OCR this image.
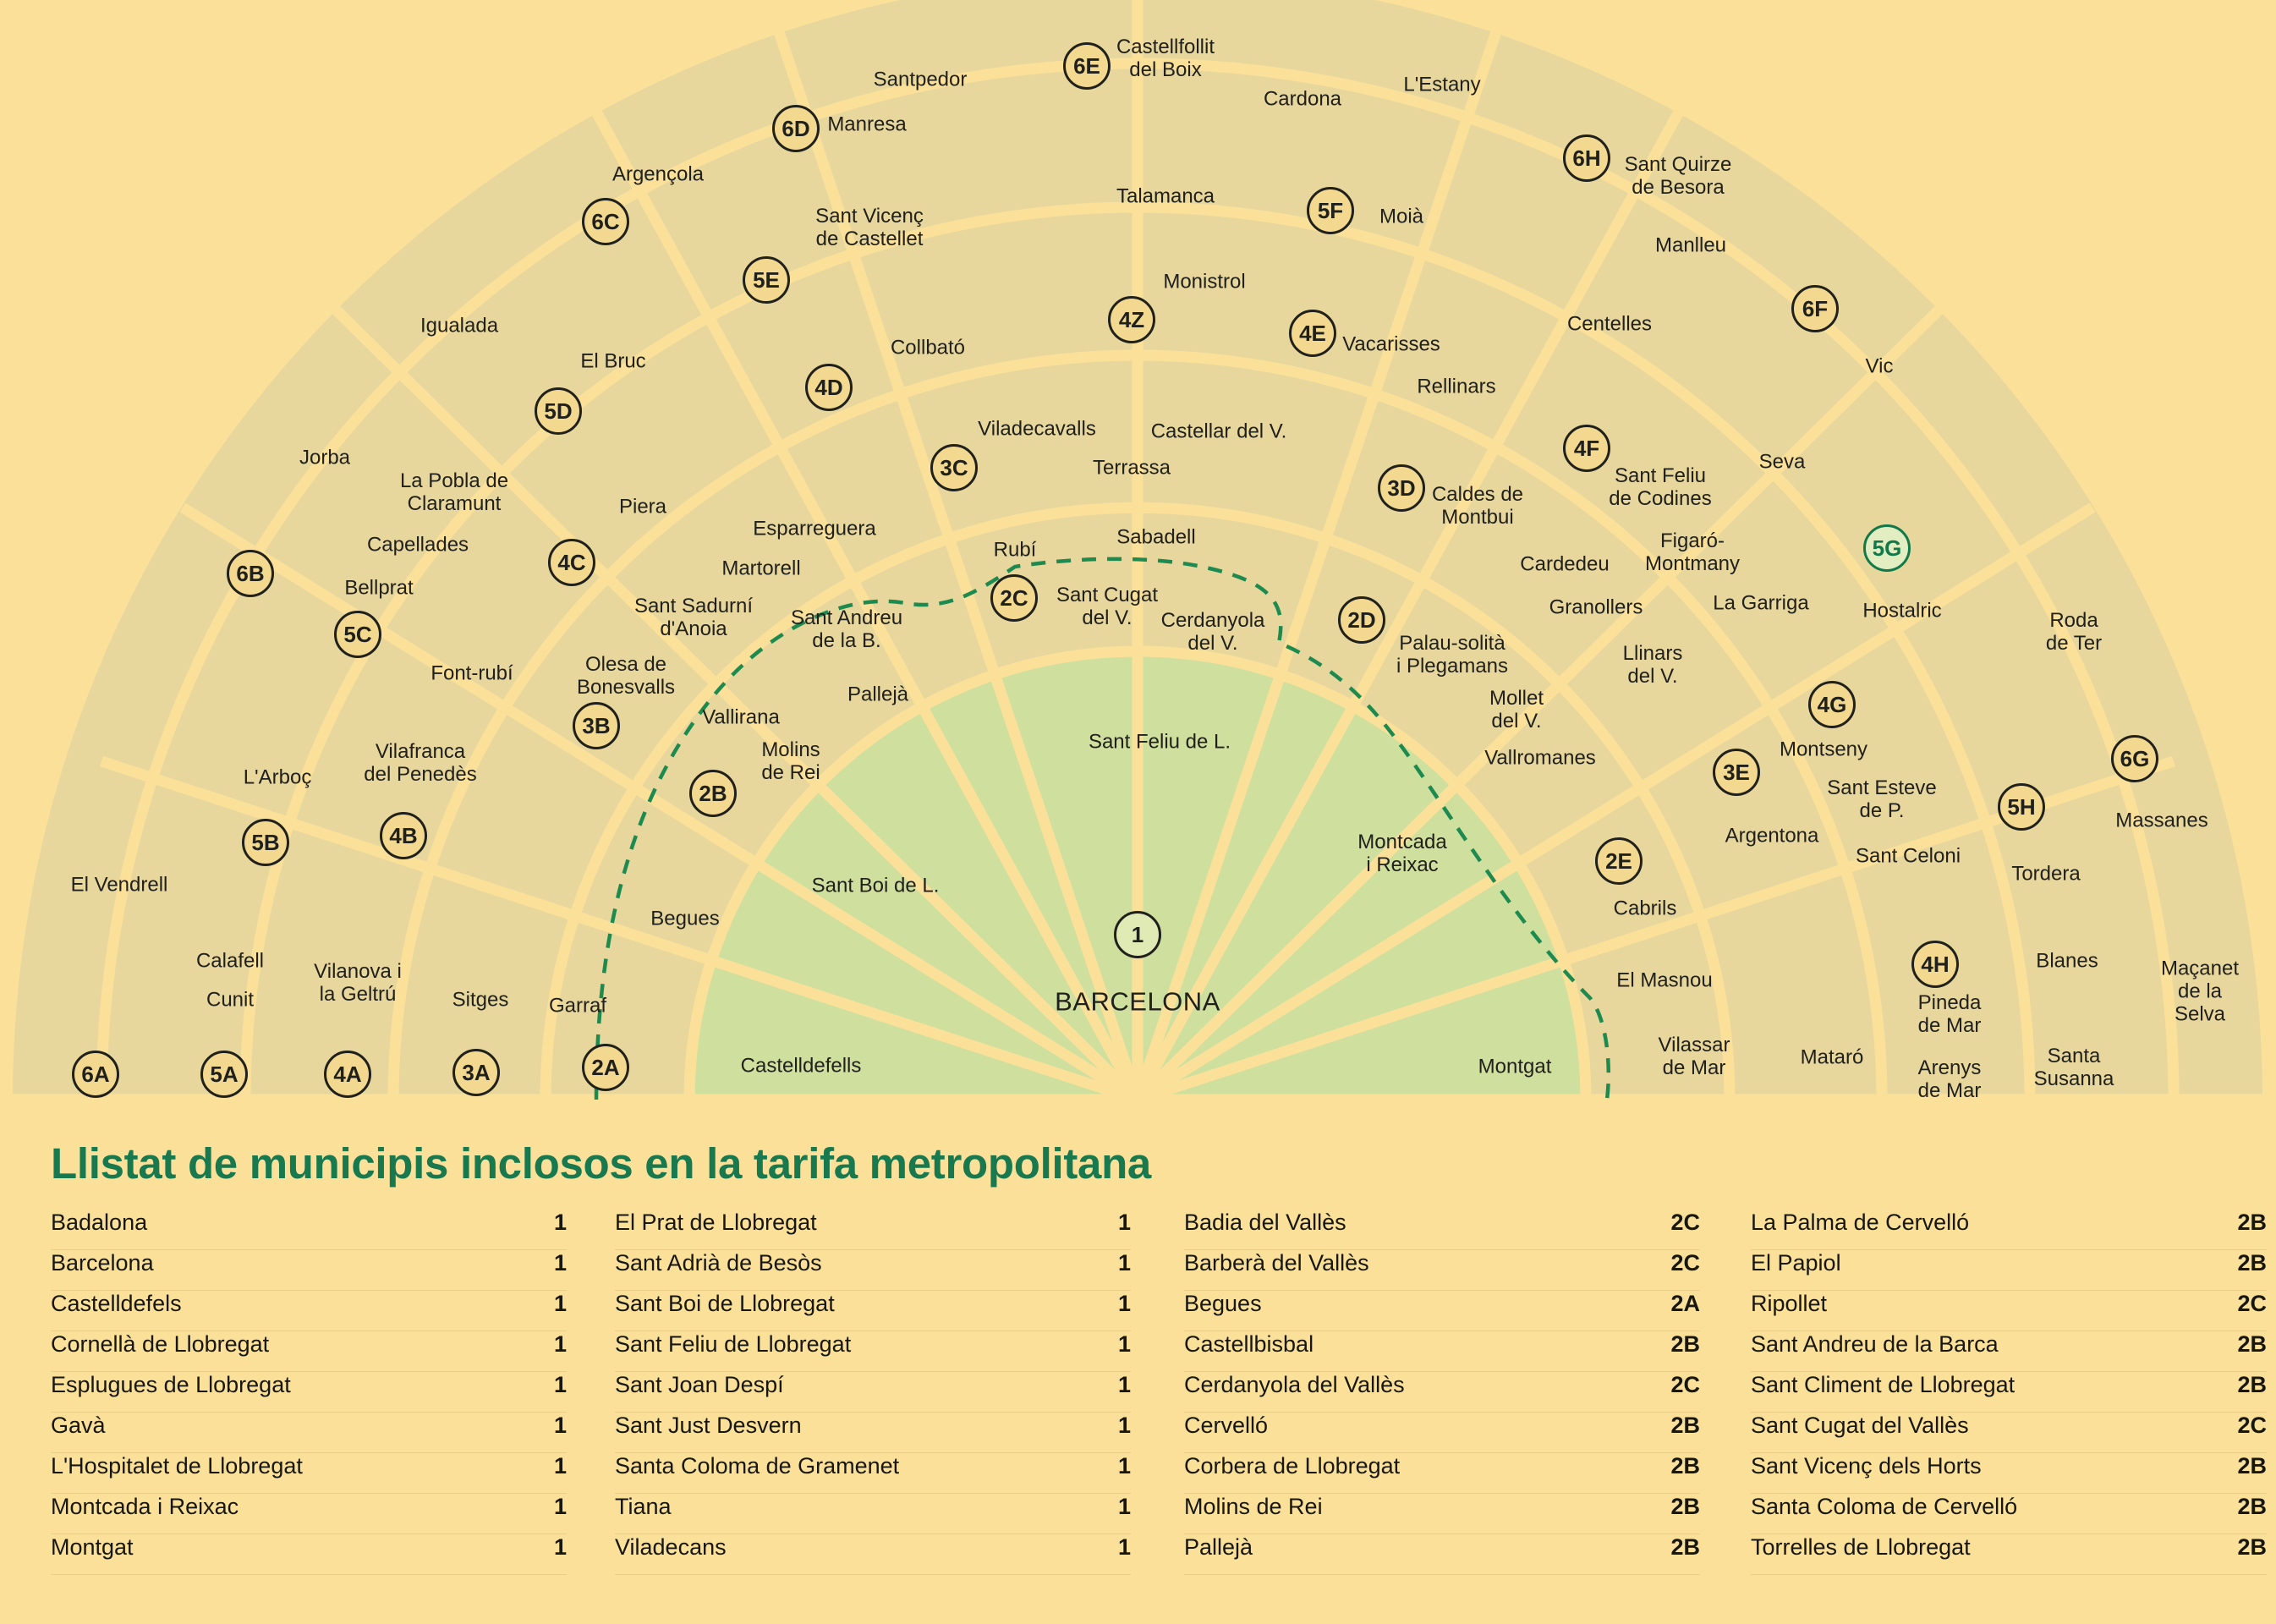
Santpedor
Castellfollit
del Boix
Cardona
L'Estany
Manresa
Argençola	Sant Quirze
de Besora
Talamanca
Sant Vicenç
de Castellet
Moià
Manlleu
Monistrol
Igualada
Collbató	Vacarisses
Centelles
El Bruc	Vic
Rellinars
Viladecavalls	Castellar del V.
Jorba	Terrassa
La Pobla de
Claramunt	Piera
Seva
Caldes de
Montbui
Sant Feliu
de Codines
Capellades
Esparreguera	Sabadell	Figaró-
Montmany
Rubí
Cardedeu
Martorell
Bellprat
Sant Sadurní
d'Anoia
Sant Cugat
del V.	Cerdanyola
del V.
Granollers	La Garriga	Hostalric	Roda
de Ter
Sant Andreu
de la B.
Font-rubí
Palau-solità
i Plegamans
Llinars
del V.
Olesa de
Bonesvalls	Pallejà	Mollet
del V.
Vallirana
Vilafranca
del Penedès
Molins
de Rei
Sant Feliu de L.
Vallromanes	Montseny
L'Arboç	Sant Esteve
de P.	Massanes
Argentona
Montcada
i Reixac	Sant Celoni
El Vendrell	Tordera
Sant Boi de L.
Cabrils
Begues
Blanes
Calafell Vilanova i
la Geltrú
El Masnou
Maçanet
de la Selva
Cunit	Sitges Garraf	Pineda
de Mar
Vilassar
de Mar	Mataró	Santa
Susanna
Castelldefells	Montgat	Arenys
de Mar
6E
6D
6H
6C	5F
5E
6F
4Z
4E
5D
4D
4F
3C
3D
5G
6B	4C
2C
5C
2D
3B
4G
2B
3E
6G
4B
5H
5B
2E
4H
2A
3A
4A
5A
6A
1
BARCELONA
Llistat de municipis inclosos en la tarifa metropolitana
Badalona	1
Barcelona	1
Castelldefels	1
Cornellà de Llobregat	1
Esplugues de Llobregat	1
Gavà	1
L'Hospitalet de Llobregat	1
Montcada i Reixac	1
Montgat	1
El Prat de Llobregat	1
Sant Adrià de Besòs	1
Sant Boi de Llobregat	1
Sant Feliu de Llobregat	1
Sant Joan Despí	1
Sant Just Desvern	1
Santa Coloma de Gramenet	1
Tiana	1
Viladecans	1
Badia del Vallès	2C
Barberà del Vallès	2C
Begues	2A
Castellbisbal	2B
Cerdanyola del Vallès	2C
Cervelló	2B
Corbera de Llobregat	2B
Molins de Rei	2B
Pallejà	2B
La Palma de Cervelló	2B
El Papiol	2B
Ripollet	2C
Sant Andreu de la Barca	2B
Sant Climent de Llobregat	2B
Sant Cugat del Vallès	2C
Sant Vicenç dels Horts	2B
Santa Coloma de Cervelló	2B
Torrelles de Llobregat	2B
